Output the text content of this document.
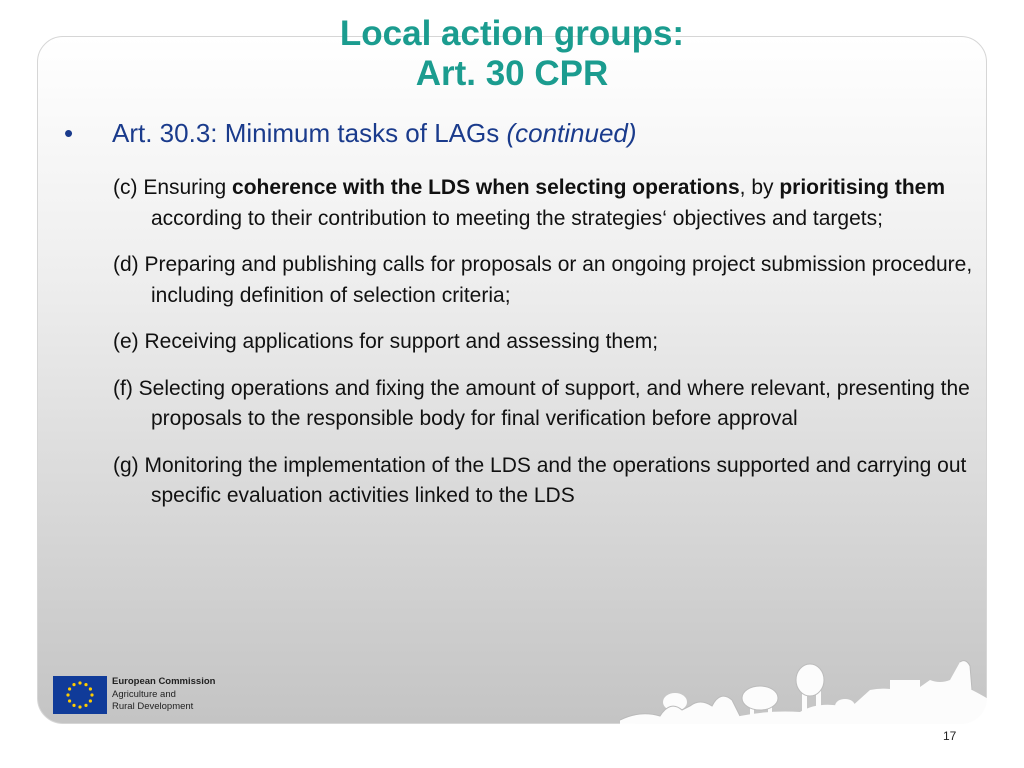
Local action groups:
Art. 30 CPR
• Art. 30.3: Minimum tasks of LAGs (continued)
(c) Ensuring coherence with the LDS when selecting operations, by prioritising them according to their contribution to meeting the strategies‘ objectives and targets;
(d) Preparing and publishing calls for proposals or an ongoing project submission procedure, including definition of selection criteria;
(e) Receiving applications for support and assessing them;
(f) Selecting operations and fixing the amount of support, and where relevant, presenting the proposals to the responsible body for final verification before approval
(g) Monitoring the implementation of the LDS and the operations supported and carrying out specific evaluation activities linked to the LDS
European Commission
Agriculture and
Rural Development
17
